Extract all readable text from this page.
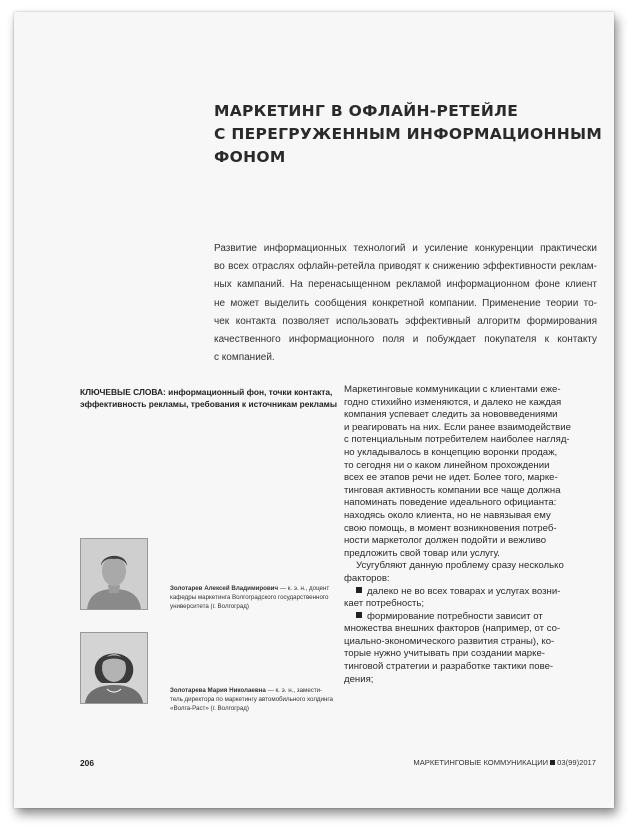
МАРКЕТИНГ В ОФЛАЙН-РЕТЕЙЛЕ
С ПЕРЕГРУЖЕННЫМ ИНФОРМАЦИОННЫМ
ФОНОМ
Развитие информационных технологий и усиление конкуренции практически
во всех отраслях офлайн-ретейла приводят к снижению эффективности реклам-
ных кампаний. На перенасыщенном рекламой информационном фоне клиент
не может выделить сообщения конкретной компании. Применение теории то-
чек контакта позволяет использовать эффективный алгоритм формирования
качественного информационного поля и побуждает покупателя к контакту
с компанией.
КЛЮЧЕВЫЕ СЛОВА: информационный фон, точки контакта,
эффективность рекламы, требования к источникам рекламы
Маркетинговые коммуникации с клиентами еже-
годно стихийно изменяются, и далеко не каждая
компания успевает следить за нововведениями
и реагировать на них. Если ранее взаимодействие
с потенциальным потребителем наиболее нагляд-
но укладывалось в концепцию воронки продаж,
то сегодня ни о каком линейном прохождении
всех ее этапов речи не идет. Более того, марке-
тинговая активность компании все чаще должна
напоминать поведение идеального официанта:
находясь около клиента, но не навязывая ему
свою помощь, в момент возникновения потреб-
ности маркетолог должен подойти и вежливо
предложить свой товар или услугу.
Усугубляют данную проблему сразу несколько
факторов:
далеко не во всех товарах и услугах возни-
кает потребность;
формирование потребности зависит от
множества внешних факторов (например, от со-
циально-экономического развития страны), ко-
торые нужно учитывать при создании марке-
тинговой стратегии и разработке тактики пове-
дения;
Золотарев Алексей Владимирович — к. э. н., доцент
кафедры маркетинга Волгоградского государственного
университета (г. Волгоград)
Золотарева Мария Николаевна — к. э. н., замести-
тель директора по маркетингу автомобильного холдинга
«Волга-Раст» (г. Волгоград)
206	МАРКЕТИНГОВЫЕ КОММУНИКАЦИИ 03(99)2017
